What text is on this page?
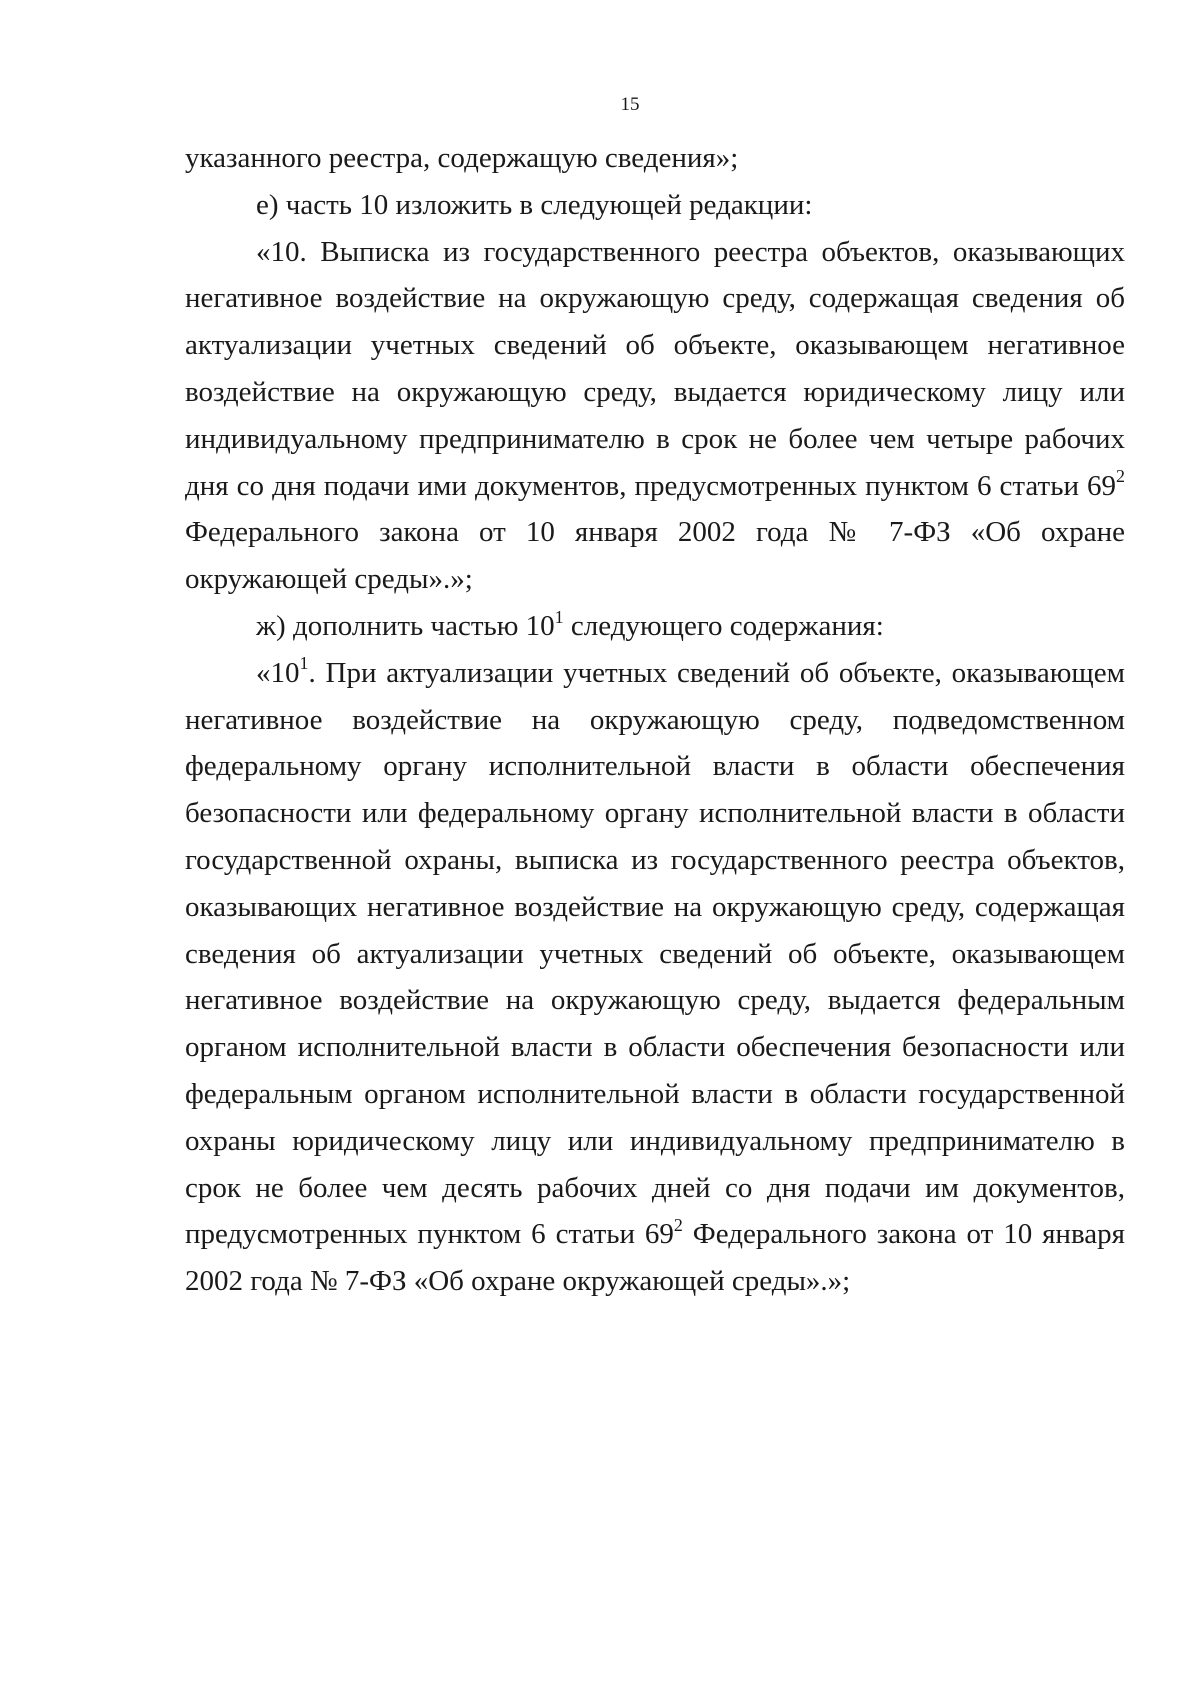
15

указанного реестра, содержащую сведения»;

е) часть 10 изложить в следующей редакции:

«10. Выписка из государственного реестра объектов, оказывающих негативное воздействие на окружающую среду, содержащая сведения об актуализации учетных сведений об объекте, оказывающем негативное воздействие на окружающую среду, выдается юридическому лицу или индивидуальному предпринимателю в срок не более чем четыре рабочих дня со дня подачи ими документов, предусмотренных пунктом 6 статьи $69^2$ Федерального закона от 10 января 2002 года № 7-ФЗ «Об охране окружающей среды».»;

ж) дополнить частью $10^1$ следующего содержания:

«$10^1$. При актуализации учетных сведений об объекте, оказывающем негативное воздействие на окружающую среду, подведомственном федеральному органу исполнительной власти в области обеспечения безопасности или федеральному органу исполнительной власти в области государственной охраны, выписка из государственного реестра объектов, оказывающих негативное воздействие на окружающую среду, содержащая сведения об актуализации учетных сведений об объекте, оказывающем негативное воздействие на окружающую среду, выдается федеральным органом исполнительной власти в области обеспечения безопасности или федеральным органом исполнительной власти в области государственной охраны юридическому лицу или индивидуальному предпринимателю в срок не более чем десять рабочих дней со дня подачи им документов, предусмотренных пунктом 6 статьи $69^2$ Федерального закона от 10 января 2002 года № 7-ФЗ «Об охране окружающей среды».»;
